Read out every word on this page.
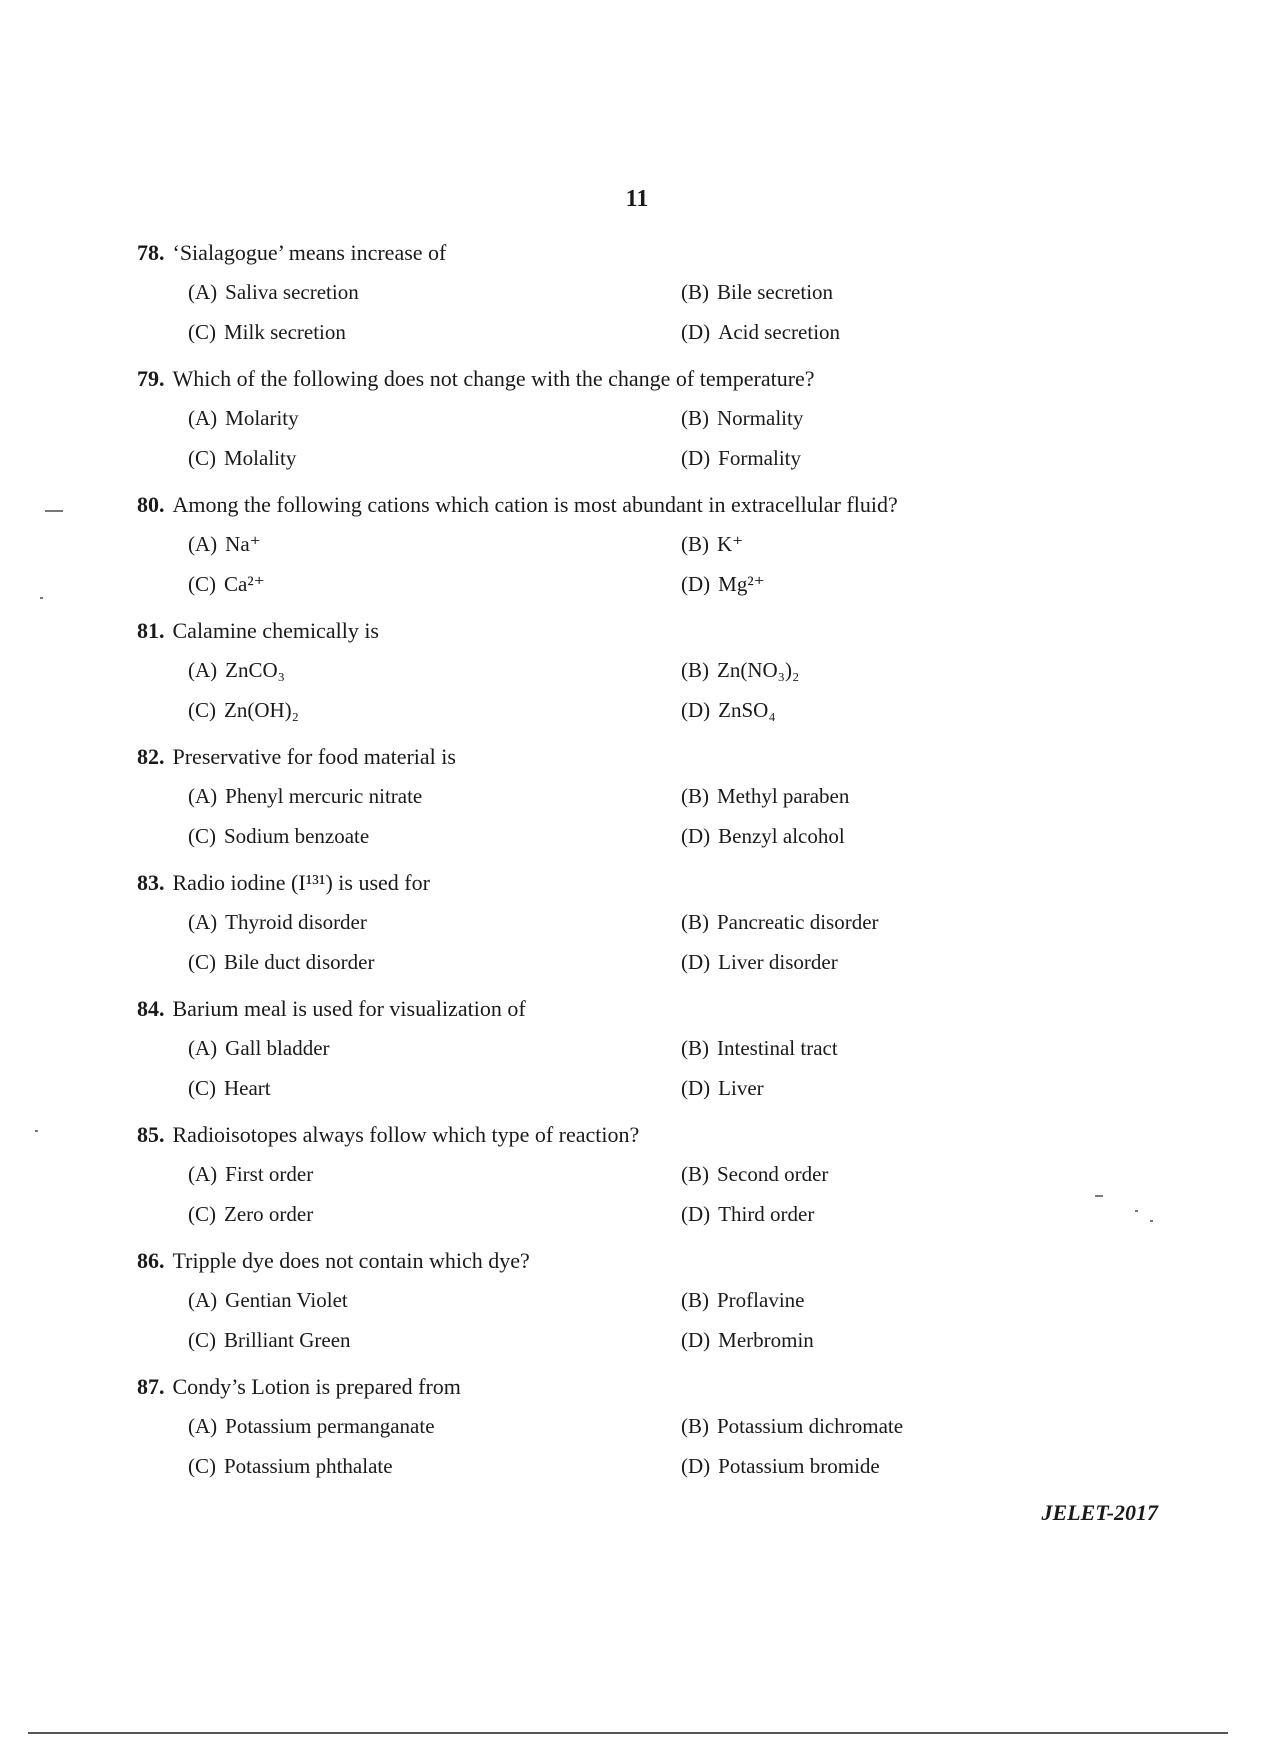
11
78. ‘Sialagogue’ means increase of
(A) Saliva secretion	(B) Bile secretion
(C) Milk secretion	(D) Acid secretion
79. Which of the following does not change with the change of temperature?
(A) Molarity	(B) Normality
(C) Molality	(D) Formality
80. Among the following cations which cation is most abundant in extracellular fluid?
(A) Na⁺	(B) K⁺
(C) Ca²⁺	(D) Mg²⁺
81. Calamine chemically is
(A) ZnCO₃	(B) Zn(NO₃)₂
(C) Zn(OH)₂	(D) ZnSO₄
82. Preservative for food material is
(A) Phenyl mercuric nitrate	(B) Methyl paraben
(C) Sodium benzoate	(D) Benzyl alcohol
83. Radio iodine (I¹³¹) is used for
(A) Thyroid disorder	(B) Pancreatic disorder
(C) Bile duct disorder	(D) Liver disorder
84. Barium meal is used for visualization of
(A) Gall bladder	(B) Intestinal tract
(C) Heart	(D) Liver
85. Radioisotopes always follow which type of reaction?
(A) First order	(B) Second order
(C) Zero order	(D) Third order
86. Tripple dye does not contain which dye?
(A) Gentian Violet	(B) Proflavine
(C) Brilliant Green	(D) Merbromin
87. Condy’s Lotion is prepared from
(A) Potassium permanganate	(B) Potassium dichromate
(C) Potassium phthalate	(D) Potassium bromide
JELET-2017
